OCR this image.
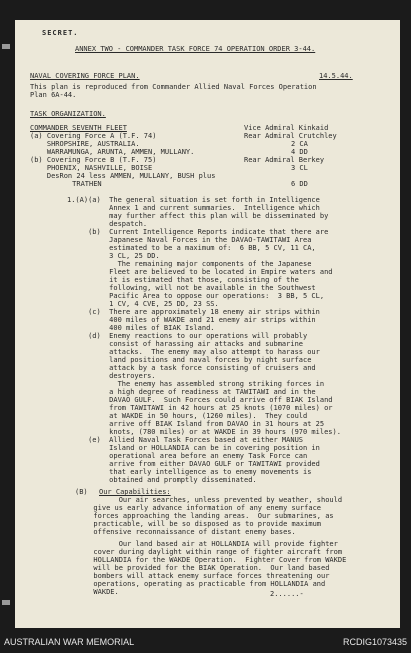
SECRET.
ANNEX TWO - COMMANDER TASK FORCE 74 OPERATION ORDER 3-44.
NAVAL COVERING FORCE PLAN.	14.5.44.
This plan is reproduced from Commander Allied Naval Forces Operation
Plan 6A-44.
TASK ORGANIZATION.
COMMANDER SEVENTH FLEET	Vice Admiral Kinkaid
(a) Covering Force A (T.F. 74)	Rear Admiral Crutchley
SHROPSHIRE, AUSTRALIA.	2 CA
WARRAMUNGA, ARUNTA, AMMEN, MULLANY.	4 DD
(b) Covering Force B (T.F. 75)	Rear Admiral Berkey
PHOENIX, NASHVILLE, BOISE	3 CL
DesRon 24 less AMMEN, MULLANY, BUSH plus
TRATHEN	6 DD
1.(A)(a)  The general situation is set forth in Intelligence
Annex 1 and current summaries.  Intelligence which
may further affect this plan will be disseminated by
despatch.
(b)  Current Intelligence Reports indicate that there are
Japanese Naval Forces in the DAVAO-TAWITAWI Area
estimated to be a maximum of:  6 BB, 5 CV, 11 CA,
3 CL, 25 DD.
The remaining major components of the Japanese
Fleet are believed to be located in Empire waters and
it is estimated that those, consisting of the
following, will not be available in the Southwest
Pacific Area to oppose our operations:  3 BB, 5 CL,
1 CV, 4 CVE, 25 DD, 23 SS.
(c)  There are approximately 18 enemy air strips within
400 miles of WAKDE and 21 enemy air strips within
400 miles of BIAK Island.
(d)  Enemy reactions to our operations will probably
consist of harassing air attacks and submarine
attacks.  The enemy may also attempt to harass our
land positions and naval forces by night surface
attack by a task force consisting of cruisers and
destroyers.
The enemy has assembled strong striking forces in
a high degree of readiness at TAWITAWI and in the
DAVAO GULF.  Such Forces could arrive off BIAK Island
from TAWITAWI in 42 hours at 25 knots (1070 miles) or
at WAKDE in 50 hours, (1260 miles).  They could
arrive off BIAK Island from DAVAO in 31 hours at 25
knots, (780 miles) or at WAKDE in 39 hours (970 miles).
(e)  Allied Naval Task Forces based at either MANUS
Island or HOLLANDIA can be in covering position in
operational area before an enemy Task Force can
arrive from either DAVAO GULF or TAWITAWI provided
that early intelligence as to enemy movements is
obtained and promptly disseminated.
(B) Our Capabilities:
Our air searches, unless prevented by weather, should
give us early advance information of any enemy surface
forces approaching the landing areas.  Our submarines, as
practicable, will be so disposed as to provide maximum
offensive reconnaissance of distant enemy bases.
Our land based air at HOLLANDIA will provide fighter
cover during daylight within range of fighter aircraft from
HOLLANDIA for the WAKDE Operation.  Fighter Cover from WAKDE
will be provided for the BIAK Operation.  Our land based
bombers will attack enemy surface forces threatening our
operations, operating as practicable from HOLLANDIA and
WAKDE.	2......-
AUSTRALIAN WAR MEMORIAL	RCDIG1073435
